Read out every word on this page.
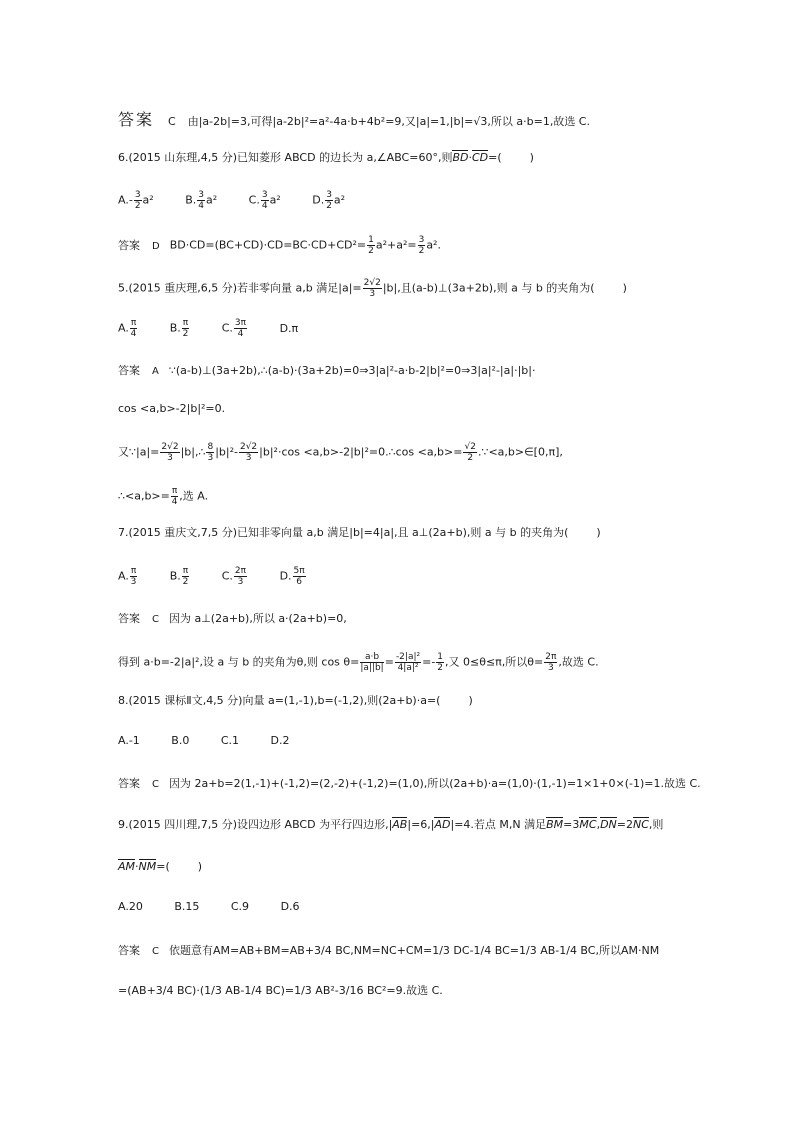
答案 C 由|a-2b|=3,可得|a-2b|²=a²-4a·b+4b²=9,又|a|=1,|b|=√3,所以 a·b=1,故选 C.
6.(2015 山东理,4,5 分)已知菱形 ABCD 的边长为 a,∠ABC=60°,则BD·CD=(	)
$A.- \frac{3}{2} a^2$	B. $\frac{3}{4} a^2$	C. $\frac{3}{4} a^2$	D. $\frac{3}{2} a^2$
答案 D $BD\cdot CD=(BC+CD)\cdot CD=BC\cdot CD+CD^2= \frac{1}{2} a^2+a^2= \frac{3}{2} a^2$.
5.(2015 重庆理,6,5 分)若非零向量 a,b 满足$|a|= \frac{2√2}{3} |b|$,且(a-b)⊥(3a+2b),则 a 与 b 的夹角为(	)
A. $\frac{\pi}{4}$	B. $\frac{\pi}{2}$	C. $\frac{3\pi}{4}$	D.π
答案 A ∵(a-b)⊥(3a+2b),∴(a-b)·(3a+2b)=0⇒3|a|²-a·b-2|b|²=0⇒3|a|²-|a|·|b|·
cos <a,b>-2|b|²=0.
又∵|a|= $\frac{2√2}{3}$ |b|,∴ $\frac{8}{3} |b|^2- \frac{2√2}{3} |b|^2\cdot\cos$ <a,b>-2|b|²=0.∴cos $<a,b>= \frac{√2}{2}$ .∵<a,b>∈[0,π],
∴<a,b>= $\frac{\pi}{4}$ ,选 A.
7.(2015 重庆文,7,5 分)已知非零向量 a,b 满足|b|=4|a|,且 a⊥(2a+b),则 a 与 b 的夹角为(	)
A. $\frac{\pi}{3}$	B. $\frac{\pi}{2}$	C. $\frac{2\pi}{3}$	D. $\frac{5\pi}{6}$
答案 C 因为 a⊥(2a+b),所以 a·(2a+b)=0,
得到 a·b=-2|a|²,设 a 与 b 的夹角为θ,则 $\cos \theta= \frac{a\cdot b}{|a||b|} = \frac{\text{-2|a|²}}{\text{4|a|²}} =- \frac{1}{2}$ ,又 0≤θ≤π,所以$\theta= \frac{2\pi}{3}$ ,故选 C.
8.(2015 课标Ⅱ文,4,5 分)向量 a=(1,-1),b=(-1,2),则(2a+b)·a=(	)
A.-1	B.0	C.1	D.2
答案 C 因为 2a+b=2(1,-1)+(-1,2)=(2,-2)+(-1,2)=(1,0),所以(2a+b)·a=(1,0)·(1,-1)=1×1+0×(-1)=1.故选 C.
9.(2015 四川理,7,5 分)设四边形 ABCD 为平行四边形,|AB|=6,|AD|=4.若点 M,N 满足BM=3MC,DN=2NC,则
AM·NM=(	)
A.20	B.15	C.9	D.6
答案 C 依题意有AM=AB+BM=AB+3/4 BC,NM=NC+CM=1/3 DC-1/4 BC=1/3 AB-1/4 BC,所以AM·NM
=(AB+3/4 BC)·(1/3 AB-1/4 BC)=1/3 AB²-3/16 BC²=9.故选 C.
